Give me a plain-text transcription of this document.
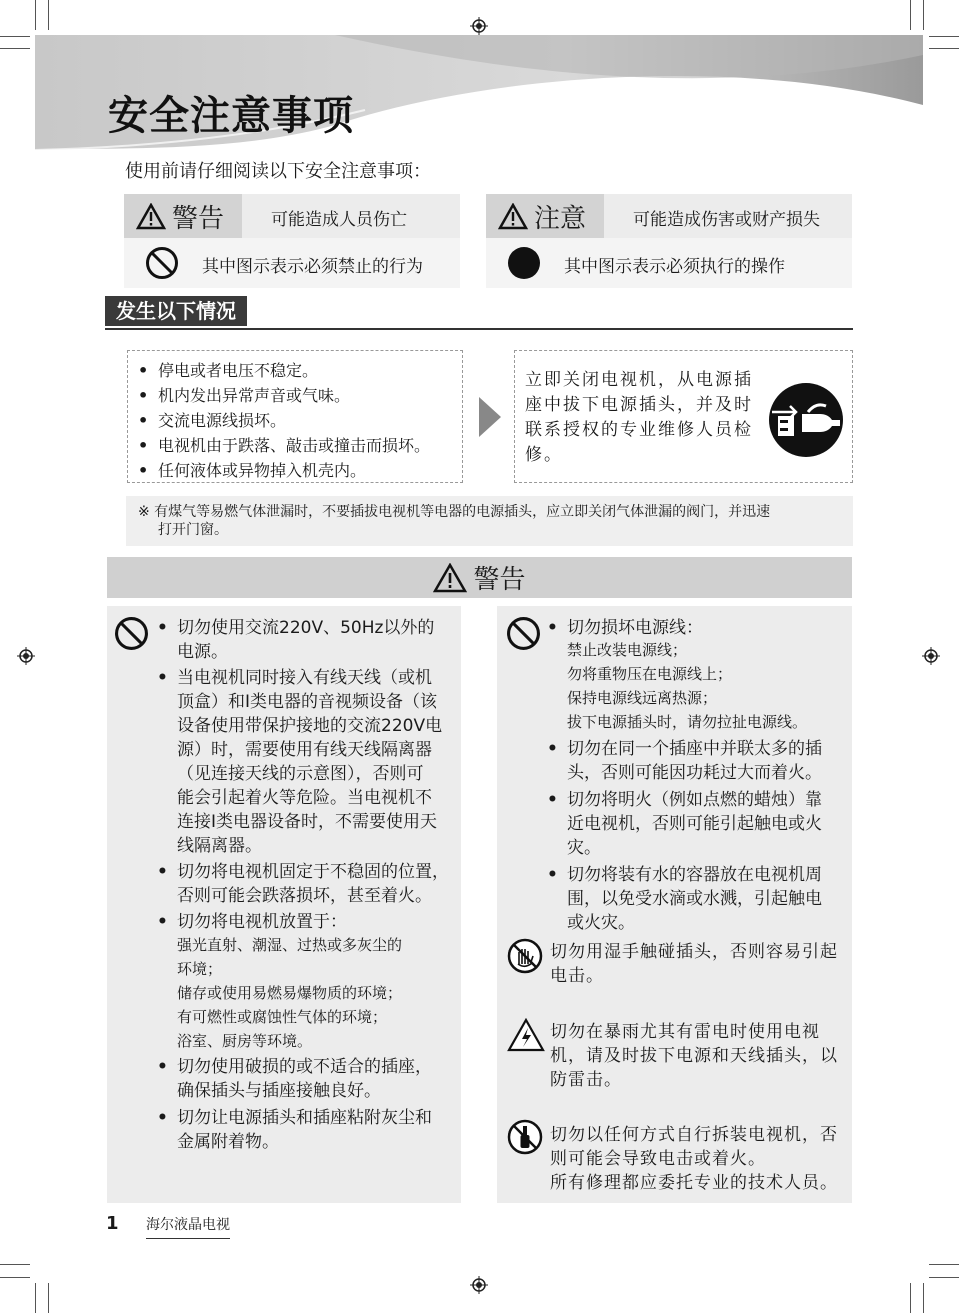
安全注意事项
使用前请仔细阅读以下安全注意事项：
警告	可能造成人员伤亡
其中图示表示必须禁止的行为
注意	可能造成伤害或财产损失
其中图示表示必须执行的操作
发生以下情况
• 停电或者电压不稳定。
• 机内发出异常声音或气味。
• 交流电源线损坏。
• 电视机由于跌落、敲击或撞击而损坏。
• 任何液体或异物掉入机壳内。
立即关闭电视机，从电源插座中拔下电源插头，并及时联系授权的专业维修人员检修。
※ 有煤气等易燃气体泄漏时，不要插拔电视机等电器的电源插头，应立即关闭气体泄漏的阀门，并迅速
打开门窗。
警告
• 切勿使用交流220V、50Hz以外的
电源。
• 当电视机同时接入有线天线（或机
顶盒）和Ⅰ类电器的音视频设备（该
设备使用带保护接地的交流220V电
源）时，需要使用有线天线隔离器
（见连接天线的示意图），否则可
能会引起着火等危险。当电视机不
连接Ⅰ类电器设备时，不需要使用天
线隔离器。
• 切勿将电视机固定于不稳固的位置，
否则可能会跌落损坏，甚至着火。
• 切勿将电视机放置于：
强光直射、潮湿、过热或多灰尘的
环境；
储存或使用易燃易爆物质的环境；
有可燃性或腐蚀性气体的环境；
浴室、厨房等环境。
• 切勿使用破损的或不适合的插座，
确保插头与插座接触良好。
• 切勿让电源插头和插座粘附灰尘和
金属附着物。
• 切勿损坏电源线：
禁止改装电源线；
勿将重物压在电源线上；
保持电源线远离热源；
拔下电源插头时，请勿拉扯电源线。
• 切勿在同一个插座中并联太多的插
头，否则可能因功耗过大而着火。
• 切勿将明火（例如点燃的蜡烛）靠
近电视机，否则可能引起触电或火
灾。
• 切勿将装有水的容器放在电视机周
围，以免受水滴或水溅，引起触电
或火灾。
切勿用湿手触碰插头，否则容易引起
电击。
切勿在暴雨尤其有雷电时使用电视
机，请及时拔下电源和天线插头，以
防雷击。
切勿以任何方式自行拆装电视机，否
则可能会导致电击或着火。
所有修理都应委托专业的技术人员。
1 海尔液晶电视
